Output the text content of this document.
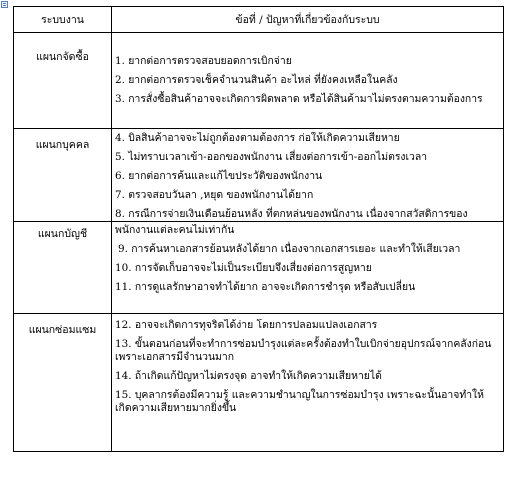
ระบบงาน	ข้อที่ / ปัญหาที่เกี่ยวข้องกับระบบ

แผนกจัดซื้อ	1. ยากต่อการตรวจสอบยอดการเบิกจ่าย
2. ยากต่อการตรวจเช็คจำนวนสินค้า อะไหล่ ที่ยังคงเหลือในคลัง
3. การสั่งซื้อสินค้าอาจจะเกิดการผิดพลาด หรือได้สินค้ามาไม่ตรงตามความต้องการ

แผนกบุคคล	4. บิลสินค้าอาจจะไม่ถูกต้องตามต้องการ ก่อให้เกิดความเสียหาย
5. ไม่ทราบเวลาเข้า-ออกของพนักงาน เสี่ยงต่อการเข้า-ออกไม่ตรงเวลา
6. ยากต่อการค้นและแก้ไขประวัติของพนักงาน
7. ตรวจสอบวันลา ,หยุด ของพนักงานได้ยาก
8. กรณีการจ่ายเงินเดือนย้อนหลัง ที่ตกหล่นของพนักงาน เนื่องจากสวัสดิการของ

แผนกบัญชี	พนักงานแต่ละคนไม่เท่ากัน
9. การค้นหาเอกสารย้อนหลังได้ยาก เนื่องจากเอกสารเยอะ และทำให้เสียเวลา
10. การจัดเก็บอาจจะไม่เป็นระเบียบจึงเสี่ยงต่อการสูญหาย
11. การดูแลรักษาอาจทำได้ยาก อาจจะเกิดการชำรุด หรือสับเปลี่ยน

แผนกซ่อมแซม	12. อาจจะเกิดการทุจริตได้ง่าย โดยการปลอมแปลงเอกสาร
13. ขั้นตอนก่อนที่จะทำการซ่อมบำรุงแต่ละครั้งต้องทำใบเบิกจ่ายอุปกรณ์จากคลังก่อน เพราะเอกสารมีจำนวนมาก
14. ถ้าเกิดแก้ปัญหาไม่ตรงจุด อาจทำให้เกิดความเสียหายได้
15. บุคลากรต้องมีความรู้ และความชำนาญในการซ่อมบำรุง เพราะฉะนั้นอาจทำให้เกิดความเสียหายมากยิ่งขึ้น
